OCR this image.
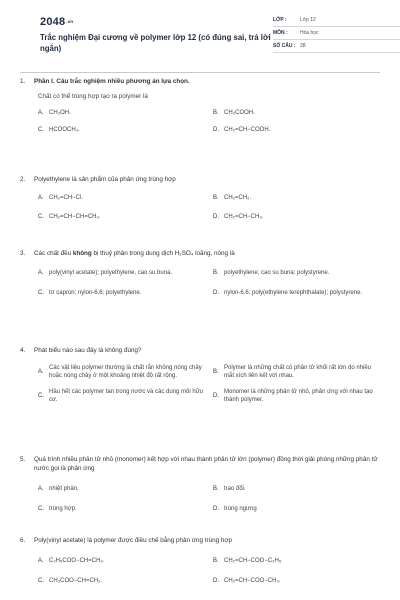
2048.vn
Trắc nghiệm Đại cương về polymer lớp 12 (có đúng sai, trả lời ngắn)
LỚP :	Lớp 12
MÔN :	Hóa học
SỐ CÂU : 28
1.	Phần I. Câu trắc nghiệm nhiều phương án lựa chọn.
Chất có thể trùng hợp tạo ra polymer là
A. CH₃OH.	B. CH₃COOH.
C. HCOOCH₃.	D. CH₂=CH−COOH.
2.	Polyethylene là sản phẩm của phản ứng trùng hợp
A. CH₂=CH−Cl.	B. CH₂=CH₂.
C. CH₂=CH−CH=CH₂.	D. CH₂=CH−CH₃.
3.	Các chất đều không bị thuỷ phân trong dung dịch H₂SO₄ loãng, nóng là
A. poly(vinyl acetate); polyethylene, cao su buna.	B. polyethylene; cao su buna; polystyrene.
C. tơ capron; nylon-6,6; polyethylene.	D. nylon-6,6; poly(ethylene terephthalate); polystyrene.
4.	Phát biểu nào sau đây là không đúng?
A.
Các vật liệu polymer thường là chất rắn không nóng chảy hoặc nóng chảy ở một khoảng nhiệt độ rất rộng.
B.
Polymer là những chất có phân tử khối rất lớn do nhiều mắt xích liên kết với nhau.
C.
Hầu hết các polymer tan trong nước và các dung môi hữu cơ.
D.
Monomer là những phân tử nhỏ, phản ứng với nhau tạo thành polymer.
5.	Quá trình nhiều phân tử nhỏ (monomer) kết hợp với nhau thành phân tử lớn (polymer) đồng thời giải phóng những phân tử nước gọi là phản ứng
A. nhiệt phân.	B. trao đổi.
C. trùng hợp.	D. trùng ngưng
6.	Poly(vinyl acetate) là polymer được điều chế bằng phản ứng trùng hợp
A. C₂H₅COO−CH=CH₂.	B. CH₂=CH−COO−C₂H₅
C. CH₃COO−CH=CH₂.	D. CH₂=CH−COO−CH₃.
